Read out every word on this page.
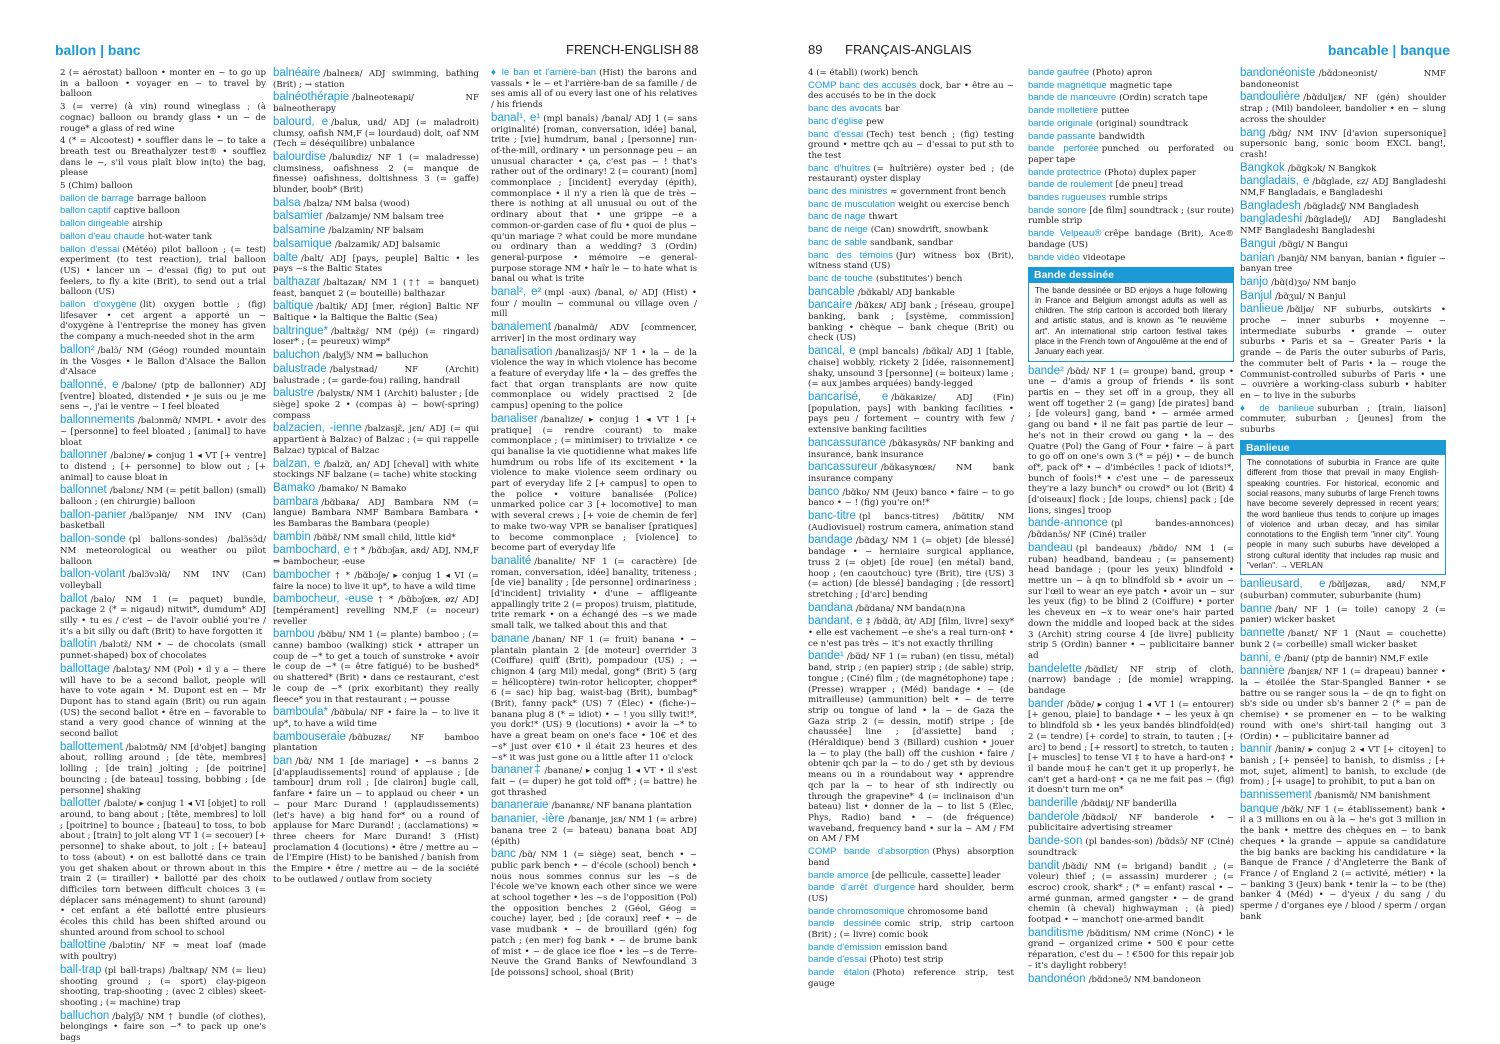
ballon | banc	FRENCH-ENGLISH 88	89 FRANÇAIS-ANGLAIS	bancable | banque
2 (= aérostat) balloon • monter en ~ to go up in a balloon • voyager en ~ to travel by balloon
3 (= verre) (à vin) round wineglass ; (à cognac) balloon ou brandy glass • un ~ de rouge* a glass of red wine
4 (* = Alcootest) • souffler dans le ~ to take a breath test ou Breathalyzer test® • soufflez dans le ~, s'il vous plaît blow in(to) the bag, please
5 (Chim) balloon
ballon de barrage barrage balloon
ballon captif captive balloon
ballon dirigeable airship
ballon d'eau chaude hot-water tank
ballon d'essai (Météo) pilot balloon ; (= test) experiment (to test reaction), trial balloon (US) • lancer un ~ d'essai (fig) to put out feelers, to fly a kite (Brit), to send out a trial balloon (US)
ballon d'oxygène (lit) oxygen bottle ; (fig) lifesaver • cet argent a apporté un ~ d'oxygène à l'entreprise the money has given the company a much-needed shot in the arm
ballon² /balɔ̃/ NM (Géog) rounded mountain in the Vosges • le Ballon d'Alsace the Ballon d'Alsace
ballonné, e /balɔne/ (ptp de ballonner) ADJ [ventre] bloated, distended • je suis ou je me sens ~, j'ai le ventre ~ I feel bloated
ballonnements /balɔnmɑ̃/ NMPL • avoir des ~ [personne] to feel bloated ; [animal] to have bloat
ballonner /balɔne/ ▸ conjug 1 ◂ VT [+ ventre] to distend ; [+ personne] to blow out ; [+ animal] to cause bloat in
ballonnet /balɔnɛ/ NM (= petit ballon) (small) balloon ; (en chirurgie) balloon
ballon-panier /balɔ̃panje/ NM INV (Can) basketball
ballon-sonde (pl ballons-sondes) /balɔ̃sɔ̃d/ NM meteorological ou weather ou pilot balloon
ballon-volant /balɔ̃vɔlɑ̃/ NM INV (Can) volleyball
ballot /balo/ NM 1 (= paquet) bundle, package 2 (* = nigaud) nitwit*, dumdum* ADJ silly • tu es / c'est ~ de l'avoir oublié you're / it's a bit silly ou daft (Brit) to have forgotten it
ballotin /balɔtɛ̃/ NM • ~ de chocolats (small punnet-shaped) box of chocolates
ballottage /balɔtaʒ/ NM (Pol) • il y a ~ there will have to be a second ballot, people will have to vote again • M. Dupont est en ~ Mr Dupont has to stand again (Brit) ou run again (US) the second ballot • être en ~ favorable to stand a very good chance of winning at the second ballot
ballottement /balɔtmɑ̃/ NM [d'objet] banging about, rolling around ; [de tête, membres] lolling ; [de train] jolting ; [de poitrine] bouncing ; [de bateau] tossing, bobbing ; [de personne] shaking
ballotter /balɔte/ ▸ conjug 1 ◂ VI [objet] to roll around, to bang about ; [tête, membres] to loll ; [poitrine] to bounce ; [bateau] to toss, to bob about ; [train] to jolt along VT 1 (= secouer) [+ personne] to shake about, to jolt ; [+ bateau] to toss (about) • on est ballotté dans ce train you get shaken about or thrown about in this train 2 (= tirailler) • ballotté par des choix difficiles torn between difficult choices 3 (= déplacer sans ménagement) to shunt (around) • cet enfant a été ballotté entre plusieurs écoles this child has been shifted around ou shunted around from school to school
ballottine /balɔtin/ NF ≈ meat loaf (made with poultry)
ball-trap (pl ball-traps) /baltʀap/ NM (= lieu) shooting ground ; (= sport) clay-pigeon shooting, trap-shooting ; (avec 2 cibles) skeet-shooting ; (= machine) trap
balluchon /balyʃɔ̃/ NM † bundle (of clothes), belongings • faire son ~* to pack up one's bags
balnéaire /balneɛʀ/ ADJ swimming, bathing (Brit) ; → station
balnéothérapie /balneoteʀapi/ NF balneotherapy
balourd, e /baluʀ, uʀd/ ADJ (= maladroit) clumsy, oafish NM,F (= lourdaud) dolt, oaf NM (Tech = déséquilibre) unbalance
balourdise /baluʀdiz/ NF 1 (= maladresse) clumsiness, oafishness 2 (= manque de finesse) oafishness, doltishness 3 (= gaffe) blunder, boob* (Brit)
balsa /balza/ NM balsa (wood)
balsamier /balzamje/ NM balsam tree
balsamine /balzamin/ NF balsam
balsamique /balzamik/ ADJ balsamic
balte /balt/ ADJ [pays, peuple] Baltic • les pays ~s the Baltic States
balthazar /baltazaʀ/ NM 1 (†† = banquet) feast, banquet 2 (= bouteille) balthazar
baltique /baltik/ ADJ [mer, région] Baltic NF Baltique • la Baltique the Baltic (Sea)
baltringue* /baltʀɛ̃g/ NM (péj) (= ringard) loser* ; (= peureux) wimp*
baluchon /balyʃɔ̃/ NM ⇒ balluchon
balustrade /balystʀad/ NF (Archit) balustrade ; (= garde-fou) railing, handrail
balustre /balystʀ/ NM 1 (Archit) baluster ; [de siège] spoke 2 • (compas à) ~ bow(-spring) compass
balzacien, -ienne /balzasjɛ̃, jɛn/ ADJ (= qui appartient à Balzac) of Balzac ; (= qui rappelle Balzac) typical of Balzac
balzan, e /balzɑ̃, an/ ADJ [cheval] with white stockings NF balzane (= tache) white stocking
Bamako /bamako/ N Bamako
bambara /bɑ̃baʀa/ ADJ Bambara NM (= langue) Bambara NMF Bambara Bambara • les Bambaras the Bambara (people)
bambin /bɑ̃bɛ̃/ NM small child, little kid*
bambochard, e † * /bɑ̃bɔʃaʀ, aʀd/ ADJ, NM,F ⇒ bambocheur, -euse
bambocher † * /bɑ̃bɔʃe/ ▸ conjug 1 ◂ VI (= faire la noce) to live it up*, to have a wild time
bambocheur, -euse † * /bɑ̃bɔʃœʀ, øz/ ADJ [tempérament] revelling NM,F (= noceur) reveller
bambou /bɑ̃bu/ NM 1 (= plante) bamboo ; (= canne) bamboo (walking) stick • attraper un coup de ~* to get a touch of sunstroke • avoir le coup de ~* (= être fatigué) to be bushed* ou shattered* (Brit) • dans ce restaurant, c'est le coup de ~* (prix exorbitant) they really fleece* you in that restaurant ; → pousse
bamboula* /bɑ̃bula/ NF • faire la ~ to live it up*, to have a wild time
bambouseraie /bɑ̃buzʀɛ/ NF bamboo plantation
ban /bɑ̃/ NM 1 [de mariage] • ~s banns 2 [d'applaudissements] round of applause ; [de tambour] drum roll ; [de clairon] bugle call, fanfare • faire un ~ to applaud ou cheer • un ~ pour Marc Durand ! (applaudissements) (let's have) a big hand for* ou a round of applause for Marc Durand! ; (acclamations) ≈ three cheers for Marc Durand! 3 (Hist) proclamation 4 (locutions) • être / mettre au ~ de l'Empire (Hist) to be banished / banish from the Empire • être / mettre au ~ de la société to be outlawed / outlaw from society
♦ le ban et l'arrière-ban (Hist) the barons and vassals • le ~ et l'arrière-ban de sa famille / de ses amis all of ou every last one of his relatives / his friends
banal¹, e¹ (mpl banals) /banal/ ADJ 1 (= sans originalité) [roman, conversation, idée] banal, trite ; [vie] humdrum, banal ; [personne] run-of-the-mill, ordinary • un personnage peu ~ an unusual character • ça, c'est pas ~ ! that's rather out of the ordinary! 2 (= courant) [nom] commonplace ; [incident] everyday (épith), commonplace • il n'y a rien là que de très ~ there is nothing at all unusual ou out of the ordinary about that • une grippe ~e a common-or-garden case of flu • quoi de plus ~ qu'un mariage ? what could be more mundane ou ordinary than a wedding? 3 (Ordin) general-purpose • mémoire ~e general-purpose storage NM • haïr le ~ to hate what is banal ou what is trite
banal², e² (mpl -aux) /banal, o/ ADJ (Hist) • four / moulin ~ communal ou village oven / mill
banalement /banalmɑ̃/ ADV [commencer, arriver] in the most ordinary way
banalisation /banalizasjɔ̃/ NF 1 • la ~ de la violence the way in which violence has become a feature of everyday life • la ~ des greffes the fact that organ transplants are now quite commonplace ou widely practised 2 [de campus] opening to the police
banaliser /banalize/ ▸ conjug 1 ◂ VT 1 [+ pratique] (= rendre courant) to make commonplace ; (= minimiser) to trivialize • ce qui banalise la vie quotidienne what makes life humdrum ou robs life of its excitement • la violence to make violence seem ordinary ou part of everyday life 2 [+ campus] to open to the police • voiture banalisée (Police) unmarked police car 3 [+ locomotive] to man with several crews ; [+ voie de chemin de fer] to make two-way VPR se banaliser [pratiques] to become commonplace ; [violence] to become part of everyday life
banalité /banalite/ NF 1 (= caractère) [de roman, conversation, idée] banality, triteness ; [de vie] banality ; [de personne] ordinariness ; [d'incident] triviality • d'une ~ affligeante appallingly trite 2 (= propos) truism, platitude, trite remark • on a échangé des ~s we made small talk, we talked about this and that
banane /banan/ NF 1 (= fruit) banana • ~ plantain plantain 2 [de moteur] overrider 3 (Coiffure) quiff (Brit), pompadour (US) ; → chignon 4 (arg Mil) medal, gong* (Brit) 5 (arg = hélicoptère) twin-rotor helicopter, chopper* 6 (= sac) hip bag, waist-bag (Brit), bumbag* (Brit), fanny pack* (US) 7 (Élec) • (fiche-)~ banana plug 8 (* = idiot) • ~ ! you silly twit!*, you dork!* (US) 9 (locutions) • avoir la ~* to have a great beam on one's face • 10€ et des ~s* just over €10 • il était 23 heures et des ~s* it was just gone ou a little after 11 o'clock
bananer‡ /banane/ ▸ conjug 1 ◂ VT • il s'est fait ~ (= duper) he got told off* ; (= battre) he got thrashed
bananeraie /bananʀɛ/ NF banana plantation
bananier, -ière /bananje, jɛʀ/ NM 1 (= arbre) banana tree 2 (= bateau) banana boat ADJ (épith)
banc /bɑ̃/ NM 1 (= siège) seat, bench • ~ public park bench • ~ d'école (school) bench • nous nous sommes connus sur les ~s de l'école we've known each other since we were at school together • les ~s de l'opposition (Pol) the opposition benches 2 (Géol, Géog = couche) layer, bed ; [de coraux] reef • ~ de vase mudbank • ~ de brouillard (gén) fog patch ; (en mer) fog bank • ~ de brume bank of mist • ~ de glace ice floe • les ~s de Terre-Neuve the Grand Banks of Newfoundland 3 [de poissons] school, shoal (Brit)
4 (= établi) (work) bench
COMP banc des accusés dock, bar • être au ~ des accusés to be in the dock
banc des avocats bar
banc d'église pew
banc d'essai (Tech) test bench ; (fig) testing ground • mettre qch au ~ d'essai to put sth to the test
banc d'huîtres (= huîtrière) oyster bed ; (de restaurant) oyster display
banc des ministres ≈ government front bench
banc de musculation weight ou exercise bench
banc de nage thwart
banc de neige (Can) snowdrift, snowbank
banc de sable sandbank, sandbar
banc des témoins (Jur) witness box (Brit), witness stand (US)
banc de touche (substitutes') bench
bancable /bɑ̃kabl/ ADJ bankable
bancaire /bɑ̃kɛʀ/ ADJ bank ; [réseau, groupe] banking, bank ; [système, commission] banking • chèque ~ bank cheque (Brit) ou check (US)
bancal, e (mpl bancals) /bɑ̃kal/ ADJ 1 [table, chaise] wobbly, rickety 2 [idée, raisonnement] shaky, unsound 3 [personne] (= boiteux) lame ; (= aux jambes arquées) bandy-legged
bancarisé, e /bɑ̃kaʀize/ ADJ (Fin) [population, pays] with banking facilities • pays peu / fortement ~ country with few / extensive banking facilities
bancassurance /bɑ̃kasyʀɑ̃s/ NF banking and insurance, bank insurance
bancassureur /bɑ̃kasyʀœʀ/ NM bank insurance company
banco /bɑ̃ko/ NM (Jeux) banco • faire ~ to go banco • ~ ! (fig) you're on!*
banc-titre (pl bancs-titres) /bɑ̃titʀ/ NM (Audiovisuel) rostrum camera, animation stand
bandage /bɑ̃daʒ/ NM 1 (= objet) [de blessé] bandage • ~ herniaire surgical appliance, truss 2 (= objet) [de roue] (en métal) band, hoop ; (en caoutchouc) tyre (Brit), tire (US) 3 (= action) [de blessé] bandaging ; [de ressort] stretching ; [d'arc] bending
bandana /bɑ̃dana/ NM banda(n)na
bandant, e ‡ /bɑ̃dɑ̃, ɑ̃t/ ADJ [film, livre] sexy* • elle est vachement ~e she's a real turn-on‡ • ce n'est pas très ~ it's not exactly thrilling
bande¹ /bɑ̃d/ NF 1 (= ruban) (en tissu, métal) band, strip ; (en papier) strip ; (de sable) strip, tongue ; (Ciné) film ; (de magnétophone) tape ; (Presse) wrapper ; (Méd) bandage • ~ (de mitrailleuse) (ammunition) belt • ~ de terre strip ou tongue of land • la ~ de Gaza the Gaza strip 2 (= dessin, motif) stripe ; [de chaussée] line ; [d'assiette] band ; (Héraldique) bend 3 (Billard) cushion • jouer la ~ to play (the ball) off the cushion • faire / obtenir qch par la ~ to do / get sth by devious means ou in a roundabout way • apprendre qch par la ~ to hear of sth indirectly ou through the grapevine* 4 (= inclinaison d'un bateau) list • donner de la ~ to list 5 (Élec, Phys, Radio) band • ~ (de fréquence) waveband, frequency band • sur la ~ AM / FM on AM / FM
COMP bande d'absorption (Phys) absorption band
bande amorce [de pellicule, cassette] leader
bande d'arrêt d'urgence hard shoulder, berm (US)
bande chromosomique chromosome band
bande dessinée comic strip, strip cartoon (Brit) ; (= livre) comic book
bande d'émission emission band
bande d'essai (Photo) test strip
bande étalon (Photo) reference strip, test gauge
bande gaufrée (Photo) apron
bande magnétique magnetic tape
bande de manœuvre (Ordin) scratch tape
bande molletière puttee
bande originale (original) soundtrack
bande passante bandwidth
bande perforée punched ou perforated ou paper tape
bande protectrice (Photo) duplex paper
bande de roulement [de pneu] tread
bandes rugueuses rumble strips
bande sonore [de film] soundtrack ; (sur route) rumble strip
bande Velpeau® crêpe bandage (Brit), Ace® bandage (US)
bande vidéo videotape
Bande dessinée
The bande dessinée or BD enjoys a huge following in France and Belgium amongst adults as well as children. The strip cartoon is accorded both literary and artistic status, and is known as "le neuvième art". An international strip cartoon festival takes place in the French town of Angoulême at the end of January each year.
bande² /bɑ̃d/ NF 1 (= groupe) band, group • une ~ d'amis a group of friends • ils sont partis en ~ they set off in a group, they all went off together 2 (= gang) [de pirates] band ; [de voleurs] gang, band • ~ armée armed gang ou band • il ne fait pas partie de leur ~ he's not in their crowd ou gang • la ~ des Quatre (Pol) the Gang of Four • faire ~ à part to go off on one's own 3 (* = péj) • ~ de bunch of*, pack of* • ~ d'imbéciles ! pack of idiots!*, bunch of fools!* • c'est une ~ de paresseux they're a lazy bunch* ou crowd* ou lot (Brit) 4 [d'oiseaux] flock ; [de loups, chiens] pack ; [de lions, singes] troop
bande-annonce (pl bandes-annonces) /bɑ̃danɔ̃s/ NF (Ciné) trailer
bandeau (pl bandeaux) /bɑ̃do/ NM 1 (= ruban) headband, bandeau ; (= pansement) head bandage ; (pour les yeux) blindfold • mettre un ~ à qn to blindfold sb • avoir un ~ sur l'œil to wear an eye patch • avoir un ~ sur les yeux (fig) to be blind 2 (Coiffure) • porter les cheveux en ~x to wear one's hair parted down the middle and looped back at the sides 3 (Archit) string course 4 [de livre] publicity strip 5 (Ordin) banner • ~ publicitaire banner ad
bandelette /bɑ̃dlɛt/ NF strip of cloth, (narrow) bandage ; [de momie] wrapping, bandage
bander /bɑ̃de/ ▸ conjug 1 ◂ VT 1 (= entourer) [+ genou, plaie] to bandage • ~ les yeux à qn to blindfold sb • les yeux bandés blindfold(ed) 2 (= tendre) [+ corde] to strain, to tauten ; [+ arc] to bend ; [+ ressort] to stretch, to tauten ; [+ muscles] to tense VI ‡ to have a hard-on‡ • il bande mou‡ he can't get it up properly‡, he can't get a hard-on‡ • ça ne me fait pas ~ (fig) it doesn't turn me on*
banderille /bɑ̃dʀij/ NF banderilla
banderole /bɑ̃dʀɔl/ NF banderole • ~ publicitaire advertising streamer
bande-son (pl bandes-son) /bɑ̃dsɔ̃/ NF (Ciné) soundtrack
bandit /bɑ̃di/ NM (= brigand) bandit ; (= voleur) thief ; (= assassin) murderer ; (= escroc) crook, shark* ; (* = enfant) rascal • ~ armé gunman, armed gangster • ~ de grand chemin (à cheval) highwayman ; (à pied) footpad • ~ manchot† one-armed bandit
banditisme /bɑ̃ditism/ NM crime (NonC) • le grand ~ organized crime • 500 € pour cette réparation, c'est du ~ ! €500 for this repair job – it's daylight robbery!
bandonéon /bɑ̃dɔneɔ̃/ NM bandoneon
bandonéoniste /bɑ̃dɔneɔnist/ NMF bandoneonist
bandoulière /bɑ̃duljɛʀ/ NF (gén) shoulder strap ; (Mil) bandoleer, bandolier • en ~ slung across the shoulder
bang /bɑ̃g/ NM INV [d'avion supersonique] supersonic bang, sonic boom EXCL bang!, crash!
Bangkok /bɑ̃gkɔk/ N Bangkok
bangladais, e /bɑ̃glade, ɛz/ ADJ Bangladeshi NM,F Bangladais, e Bangladeshi
Bangladesh /bɑ̃gladɛʃ/ NM Bangladesh
bangladeshi /bɑ̃gladeʃi/ ADJ Bangladeshi NMF Bangladeshi Bangladeshi
Bangui /bɑ̃gi/ N Bangui
banian /banjɑ̃/ NM banyan, banian • figuier ~ banyan tree
banjo /bɑ̃(d)ʒo/ NM banjo
Banjul /bɑ̃ʒul/ N Banjul
banlieue /bɑ̃ljø/ NF suburbs, outskirts • proche ~ inner suburbs • moyenne ~ intermediate suburbs • grande ~ outer suburbs • Paris et sa ~ Greater Paris • la grande ~ de Paris the outer suburbs of Paris, the commuter belt of Paris • la ~ rouge the Communist-controlled suburbs of Paris • une ~ ouvrière a working-class suburb • habiter en ~ to live in the suburbs
♦ de banlieue suburban ; [train, liaison] commuter, suburban ; [jeunes] from the suburbs
Banlieue
The connotations of suburbia in France are quite different from those that prevail in many English-speaking countries. For historical, economic and social reasons, many suburbs of large French towns have become severely depressed in recent years; the word banlieue thus tends to conjure up images of violence and urban decay, and has similar connotations to the English term "inner city". Young people in many such suburbs have developed a strong cultural identity that includes rap music and "verlan". → VERLAN
banlieusard, e /bɑ̃ljøzaʀ, aʀd/ NM,F (suburban) commuter, suburbanite (hum)
banne /ban/ NF 1 (= toile) canopy 2 (= panier) wicker basket
bannette /banɛt/ NF 1 (Naut = couchette) bunk 2 (= corbeille) small wicker basket
banni, e /bani/ (ptp de bannir) NM,F exile
bannière /banjɛʀ/ NF 1 (= drapeau) banner • la ~ étoilée the Star-Spangled Banner • se battre ou se ranger sous la ~ de qn to fight on sb's side ou under sb's banner 2 (* = pan de chemise) • se promener en ~ to be walking round with one's shirt-tail hanging out 3 (Ordin) • ~ publicitaire banner ad
bannir /baniʀ/ ▸ conjug 2 ◂ VT [+ citoyen] to banish ; [+ pensée] to banish, to dismiss ; [+ mot, sujet, aliment] to banish, to exclude (de from) ; [+ usage] to prohibit, to put a ban on
bannissement /banismɑ̃/ NM banishment
banque /bɑ̃k/ NF 1 (= établissement) bank • il a 3 millions en ou à la ~ he's got 3 million in the bank • mettre des chèques en ~ to bank cheques • la grande ~ appuie sa candidature the big banks are backing his candidature • la Banque de France / d'Angleterre the Bank of France / of England 2 (= activité, métier) • la ~ banking 3 (Jeux) bank • tenir la ~ to be (the) banker 4 (Méd) • ~ d'yeux / du sang / du sperme / d'organes eye / blood / sperm / organ bank
